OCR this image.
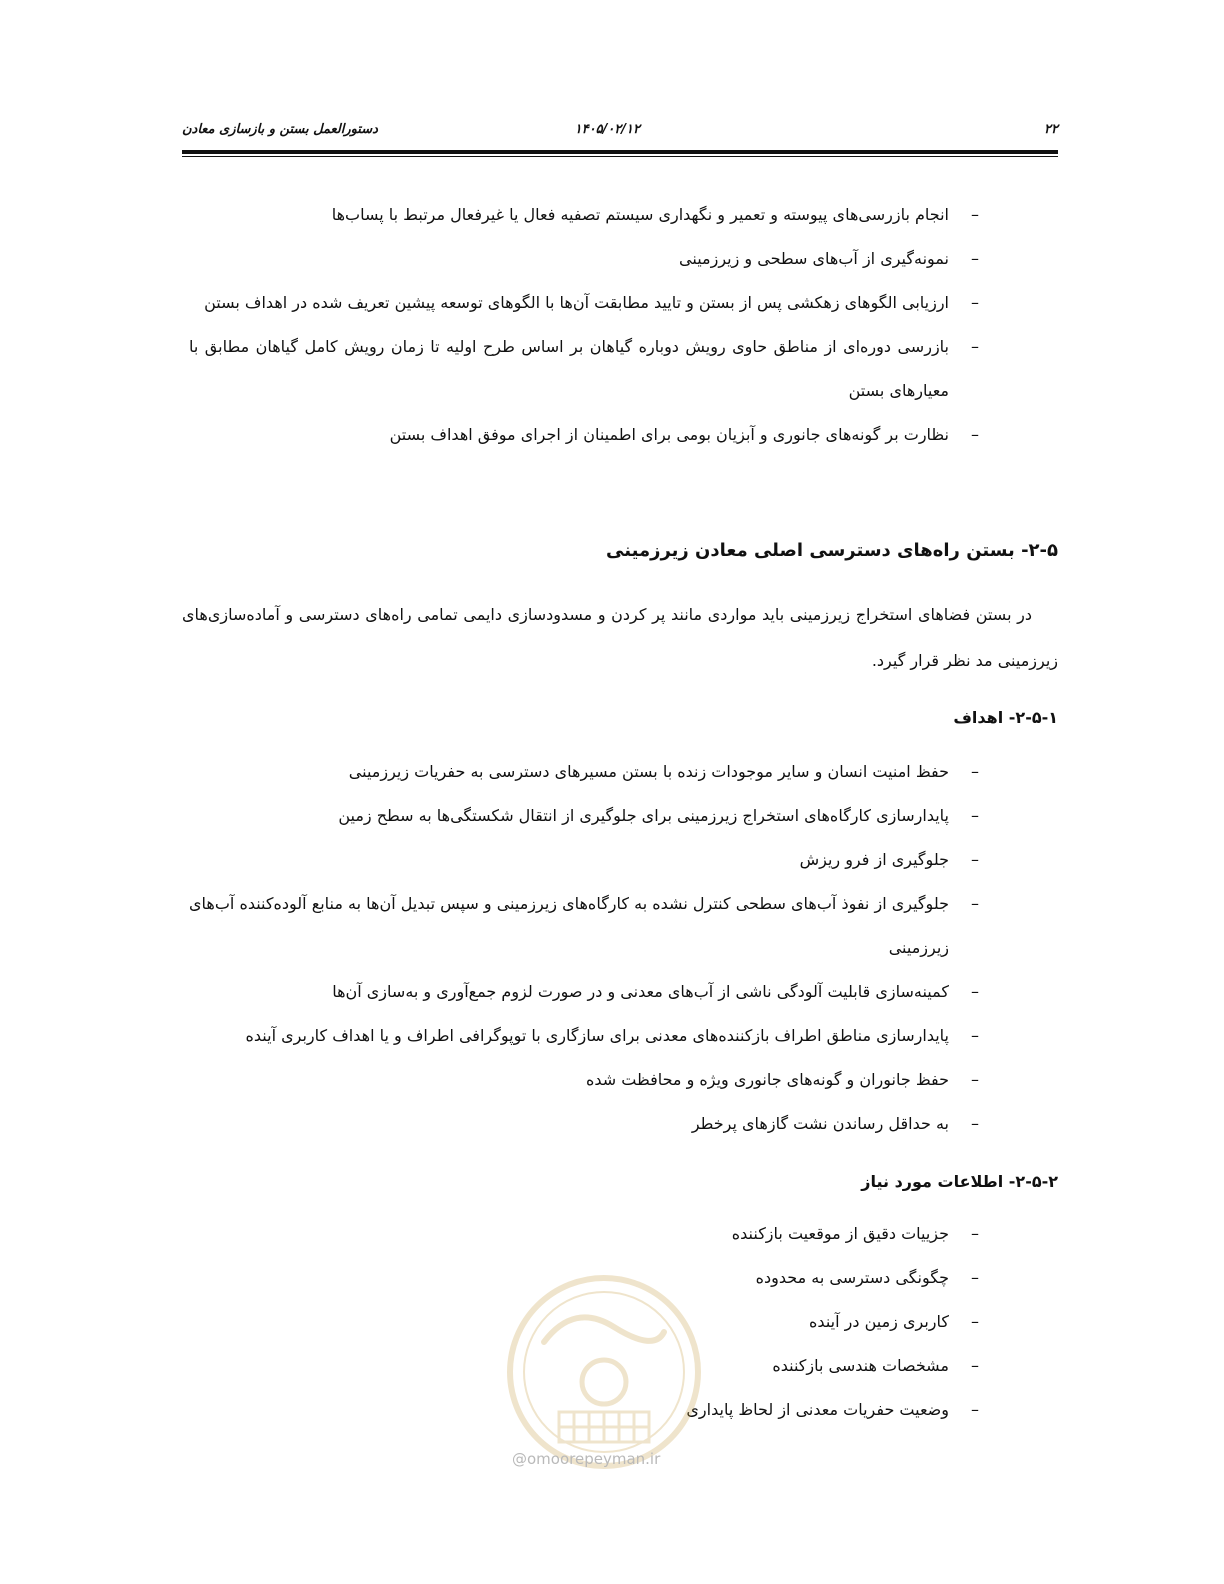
۲۲
۱۴۰۵/۰۲/۱۲
دستورالعمل بستن و بازسازی معادن
– انجام بازرسی‌های پیوسته و تعمیر و نگهداری سیستم تصفیه فعال یا غیرفعال مرتبط با پساب‌ها
– نمونه‌گیری از آب‌های سطحی و زیرزمینی
– ارزیابی الگوهای زهکشی پس از بستن و تایید مطابقت آن‌ها با الگوهای توسعه پیشین تعریف شده در اهداف بستن
– بازرسی دوره‌ای از مناطق حاوی رویش دوباره گیاهان بر اساس طرح اولیه تا زمان رویش کامل گیاهان مطابق با معیارهای بستن
– نظارت بر گونه‌های جانوری و آبزیان بومی برای اطمینان از اجرای موفق اهداف بستن
۲-۵- بستن راه‌های دسترسی اصلی معادن زیرزمینی

در بستن فضاهای استخراج زیرزمینی باید مواردی مانند پر کردن و مسدودسازی دایمی تمامی راه‌های دسترسی و آماده‌سازی‌های زیرزمینی مد نظر قرار گیرد.

۲-۵-۱- اهداف
– حفظ امنیت انسان و سایر موجودات زنده با بستن مسیرهای دسترسی به حفریات زیرزمینی
– پایدارسازی کارگاه‌های استخراج زیرزمینی برای جلوگیری از انتقال شکستگی‌ها به سطح زمین
– جلوگیری از فرو ریزش
– جلوگیری از نفوذ آب‌های سطحی کنترل نشده به کارگاه‌های زیرزمینی و سپس تبدیل آن‌ها به منابع آلوده‌کننده آب‌های زیرزمینی
– کمینه‌سازی قابلیت آلودگی ناشی از آب‌های معدنی و در صورت لزوم جمع‌آوری و به‌سازی آن‌ها
– پایدارسازی مناطق اطراف بازکننده‌های معدنی برای سازگاری با توپوگرافی اطراف و یا اهداف کاربری آینده
– حفظ جانوران و گونه‌های جانوری ویژه و محافظت شده
– به حداقل رساندن نشت گازهای پرخطر
۲-۵-۲- اطلاعات مورد نیاز
– جزییات دقیق از موقعیت بازکننده
– چگونگی دسترسی به محدوده
– کاربری زمین در آینده
– مشخصات هندسی بازکننده
– وضعیت حفریات معدنی از لحاظ پایداری
@omoorepeyman.ir
